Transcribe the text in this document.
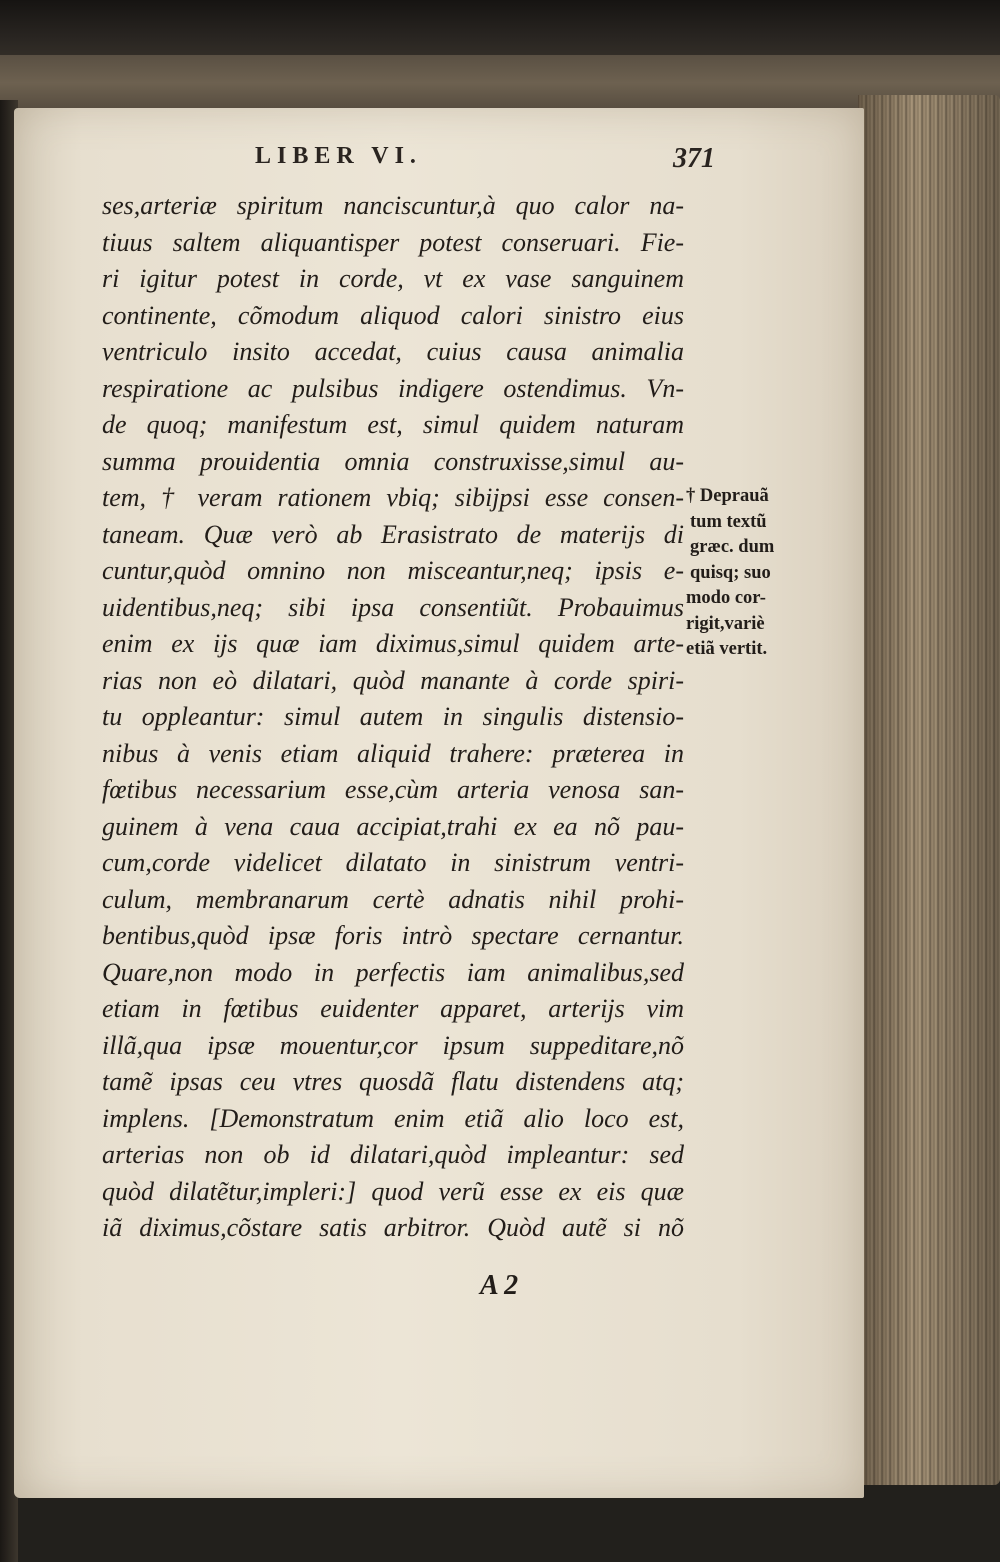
LIBER VI.	371
ses,arteriæ spiritum nanciscuntur,à quo calor na-
tiuus saltem aliquantisper potest conseruari. Fie-
ri igitur potest in corde, vt ex vase sanguinem
continente, cõmodum aliquod calori sinistro eius
ventriculo insito accedat, cuius causa animalia
respiratione ac pulsibus indigere ostendimus. Vn-
de quoq; manifestum est, simul quidem naturam
summa prouidentia omnia construxisse,simul au-
tem, † veram rationem vbiq; sibijpsi esse consen-
taneam. Quæ verò ab Erasistrato de materijs di
cuntur,quòd omnino non misceantur,neq; ipsis e-
uidentibus,neq; sibi ipsa consentiũt. Probauimus
enim ex ijs quæ iam diximus,simul quidem arte-
rias non eò dilatari, quòd manante à corde spiri-
tu oppleantur: simul autem in singulis distensio-
nibus à venis etiam aliquid trahere: præterea in
fœtibus necessarium esse,cùm arteria venosa san-
guinem à vena caua accipiat,trahi ex ea nõ pau-
cum,corde videlicet dilatato in sinistrum ventri-
culum, membranarum certè adnatis nihil prohi-
bentibus,quòd ipsæ foris intrò spectare cernantur.
Quare,non modo in perfectis iam animalibus,sed
etiam in fœtibus euidenter apparet, arterijs vim
illã,qua ipsæ mouentur,cor ipsum suppeditare,nõ
tamẽ ipsas ceu vtres quosdã flatu distendens atq;
implens. [Demonstratum enim etiã alio loco est,
arterias non ob id dilatari,quòd impleantur: sed
quòd dilatẽtur,impleri:] quod verũ esse ex eis quæ
iã diximus,cõstare satis arbitror. Quòd autẽ si nõ
A 2
† Deprauã
tum textũ
græc. dum
quisq; suo
modo cor-
rigit,variè
etiã vertit.
